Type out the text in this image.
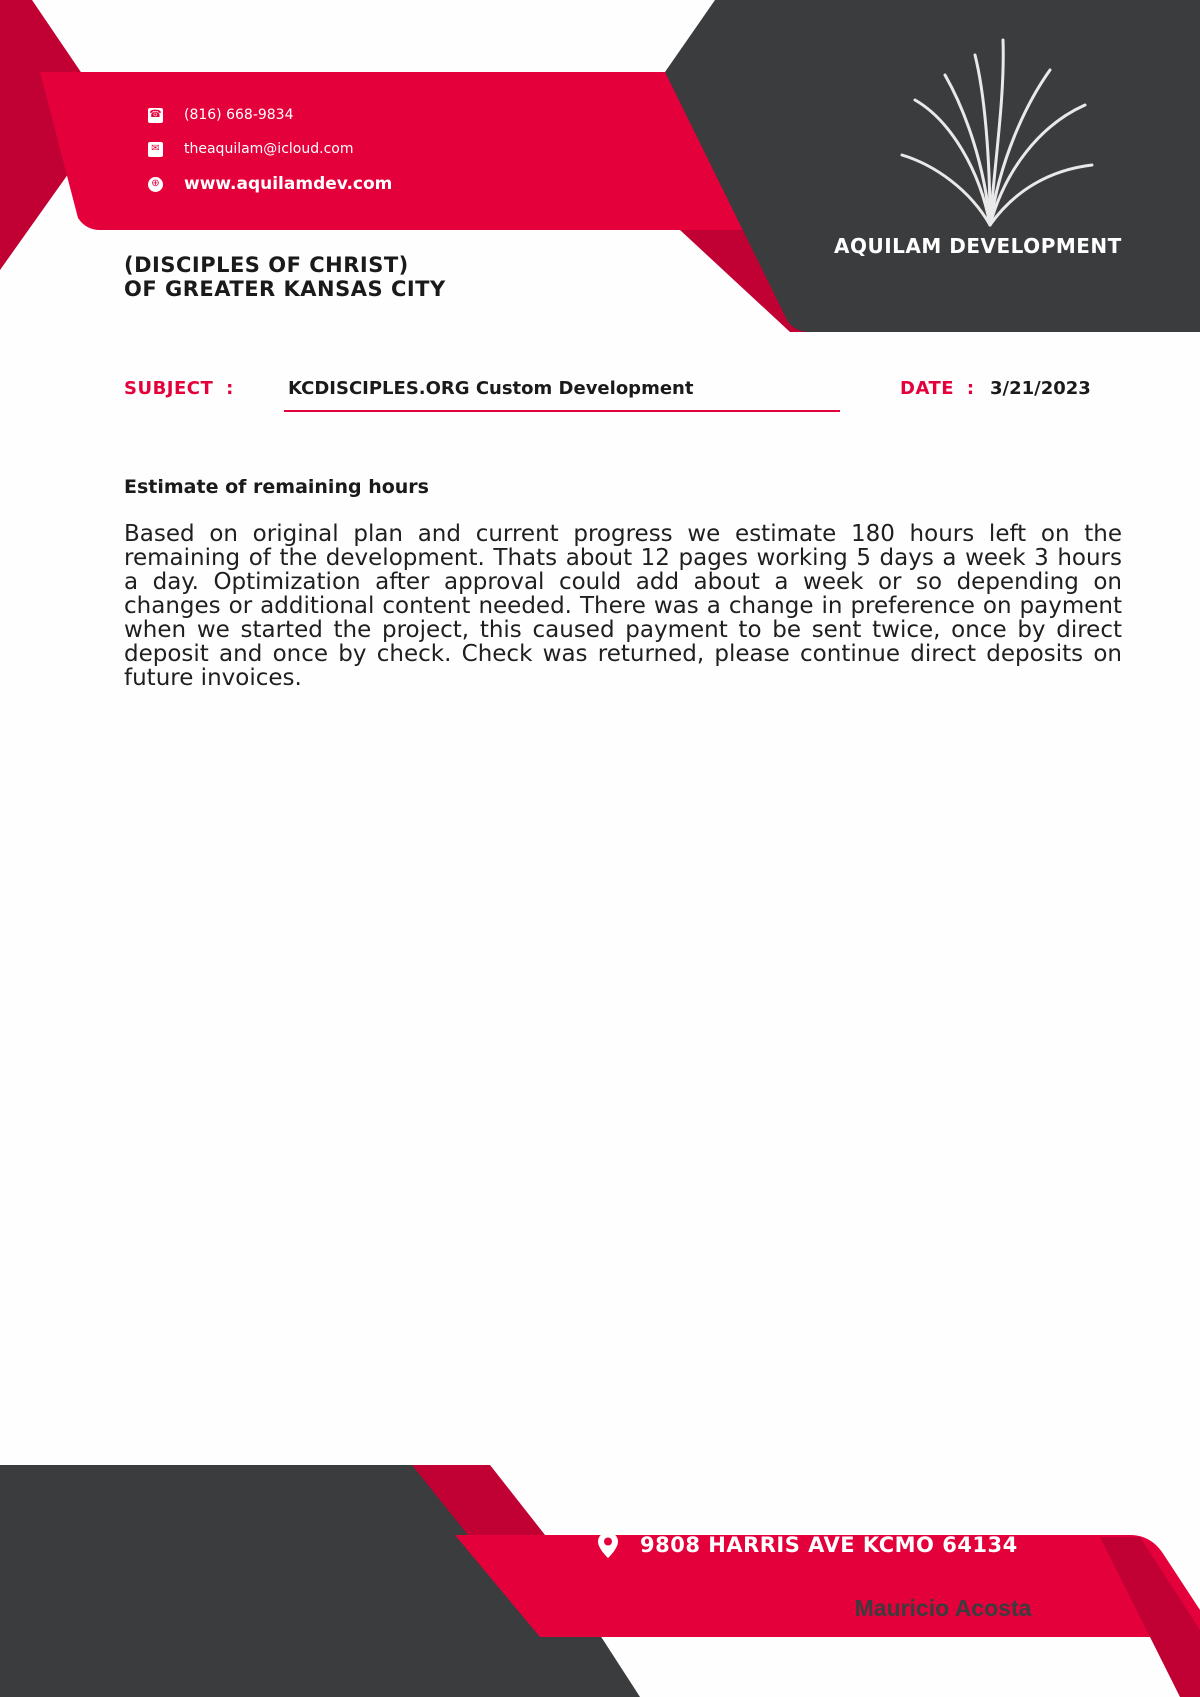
☎ (816) 668-9834
✉ theaquilam@icloud.com
⊕ www.aquilamdev.com
AQUILAM DEVELOPMENT
(DISCIPLES OF CHRIST)
OF GREATER KANSAS CITY
SUBJECT :	KCDISCIPLES.ORG Custom Development	DATE : 3/21/2023
Estimate of remaining hours
Based on original plan and current progress we estimate 180 hours left on the remaining of the development. Thats about 12 pages working 5 days a week 3 hours a day. Optimization after approval could add about a week or so depending on changes or additional content needed. There was a change in preference on payment when we started the project, this caused payment to be sent twice, once by direct deposit and once by check. Check was returned, please continue direct deposits on future invoices.
Mauricio Acosta
9808 HARRIS AVE KCMO 64134
